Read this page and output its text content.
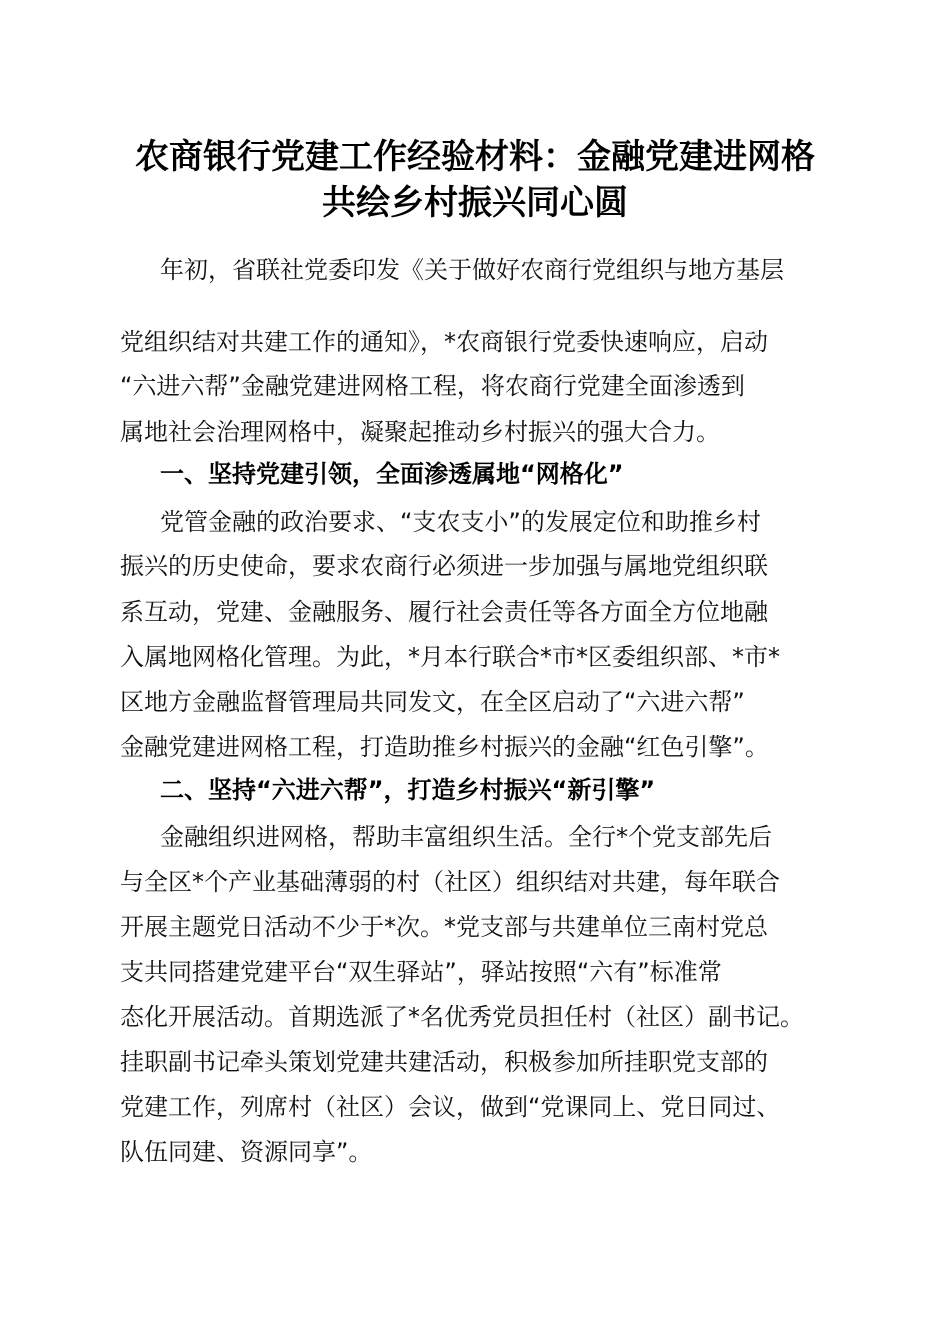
农商银行党建工作经验材料：金融党建进网格
共绘乡村振兴同心圆
年初，省联社党委印发《关于做好农商行党组织与地方基层
党组织结对共建工作的通知》，*农商银行党委快速响应，启动
“六进六帮”金融党建进网格工程，将农商行党建全面渗透到
属地社会治理网格中，凝聚起推动乡村振兴的强大合力。
一、坚持党建引领，全面渗透属地“网格化”
党管金融的政治要求、“支农支小”的发展定位和助推乡村
振兴的历史使命，要求农商行必须进一步加强与属地党组织联
系互动，党建、金融服务、履行社会责任等各方面全方位地融
入属地网格化管理。为此，*月本行联合*市*区委组织部、*市*
区地方金融监督管理局共同发文，在全区启动了“六进六帮”
金融党建进网格工程，打造助推乡村振兴的金融“红色引擎”。
二、坚持“六进六帮”，打造乡村振兴“新引擎”
金融组织进网格，帮助丰富组织生活。全行*个党支部先后
与全区*个产业基础薄弱的村（社区）组织结对共建，每年联合
开展主题党日活动不少于*次。*党支部与共建单位三南村党总
支共同搭建党建平台“双生驿站”，驿站按照“六有”标准常
态化开展活动。首期选派了*名优秀党员担任村（社区）副书记。
挂职副书记牵头策划党建共建活动，积极参加所挂职党支部的
党建工作，列席村（社区）会议，做到“党课同上、党日同过、
队伍同建、资源同享”。
